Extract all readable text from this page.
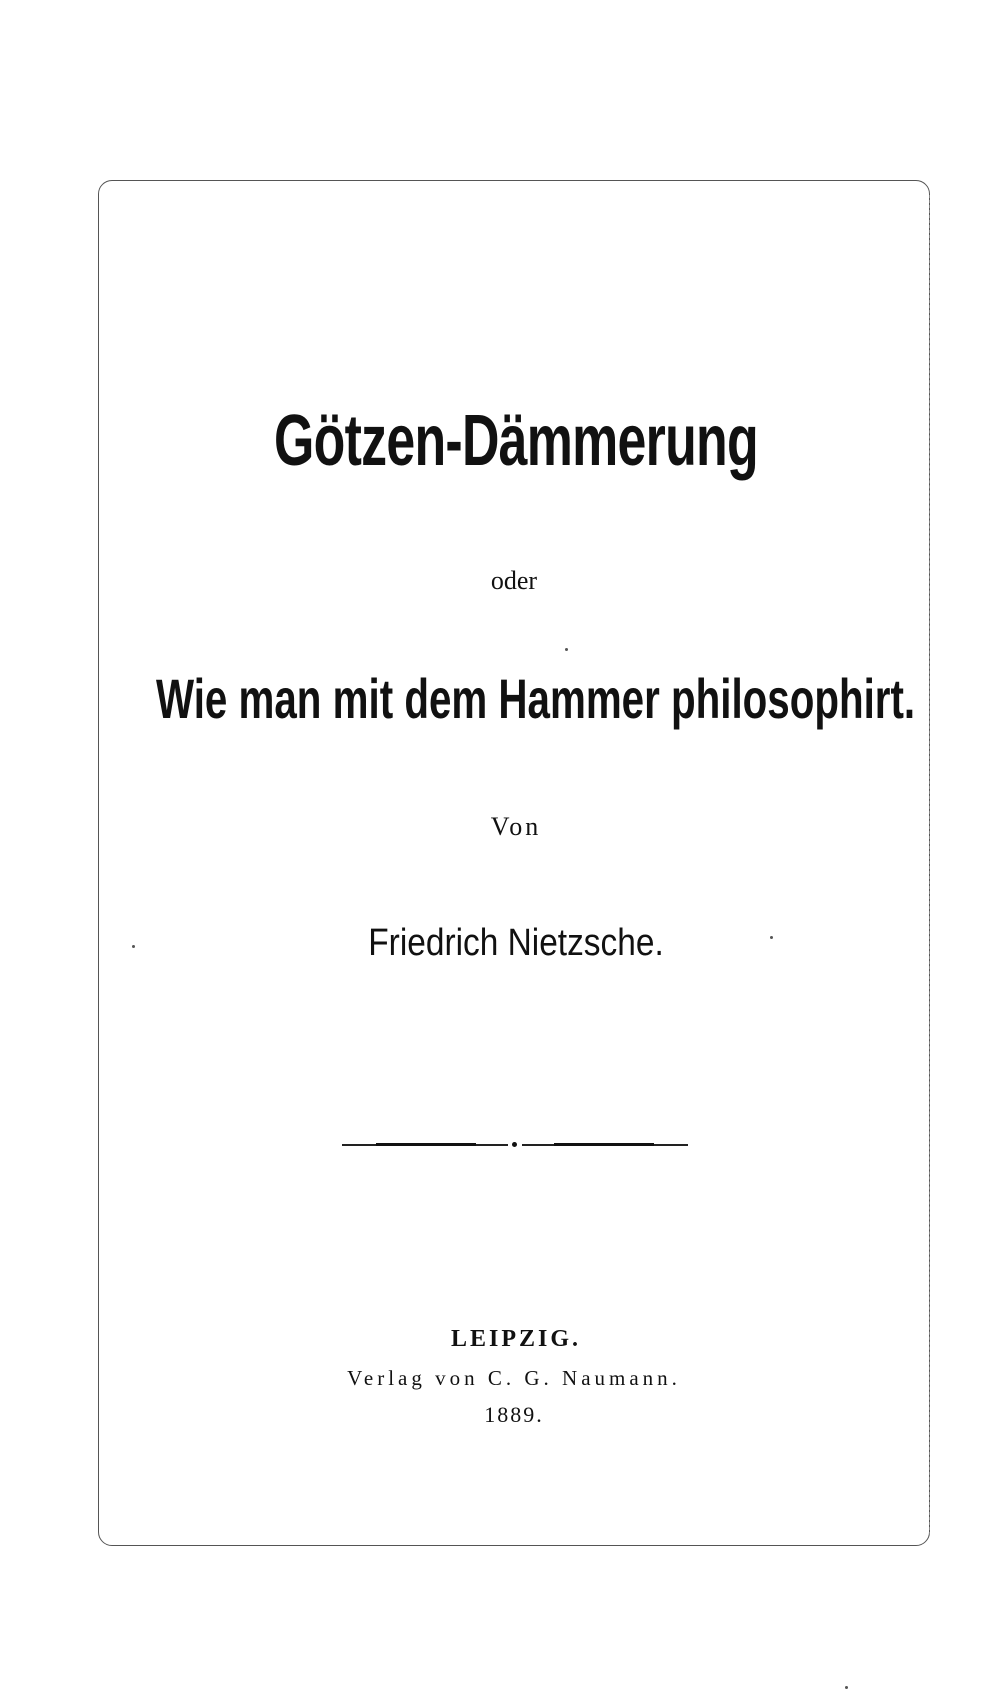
Götzen-Dämmerung
oder
Wie man mit dem Hammer philosophirt.
Von
Friedrich Nietzsche.
LEIPZIG.
Verlag von C. G. Naumann.
1889.
